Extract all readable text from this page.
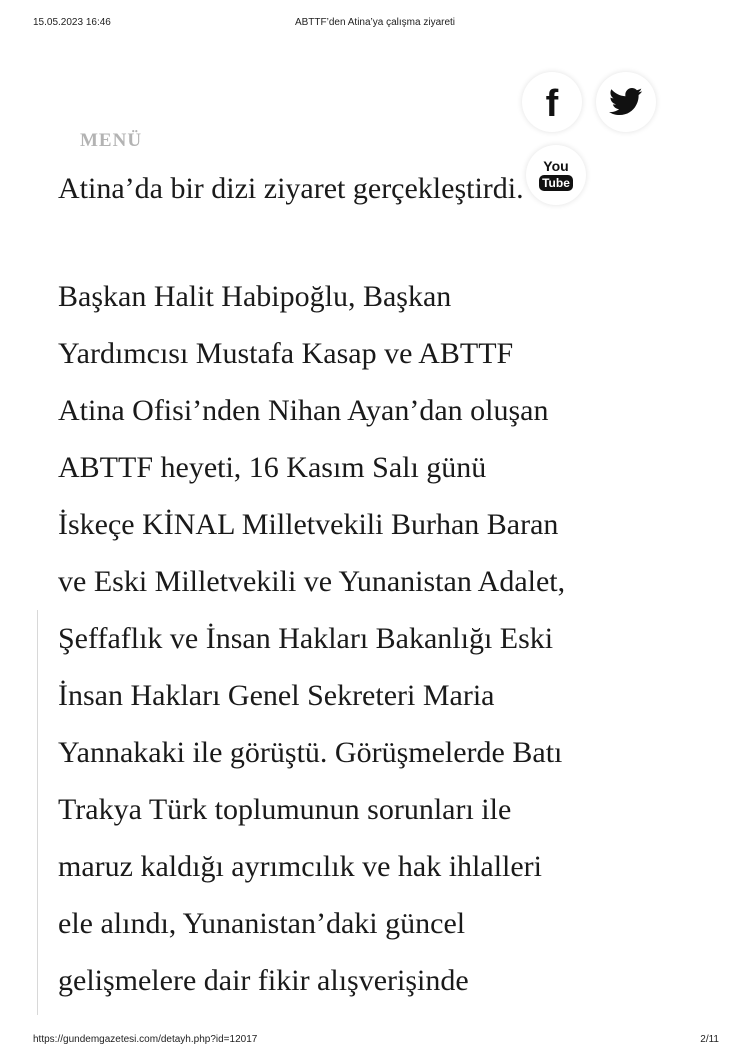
15.05.2023 16:46	ABTTF’den Atina’ya çalışma ziyareti
Atina’da bir dizi ziyaret gerçekleştirdi.

Başkan Halit Habipoğlu, Başkan
Yardımcısı Mustafa Kasap ve ABTTF
Atina Ofisi’nden Nihan Ayan’dan oluşan
ABTTF heyeti, 16 Kasım Salı günü
İskeçe KİNAL Milletvekili Burhan Baran
ve Eski Milletvekili ve Yunanistan Adalet,
Şeffaflık ve İnsan Hakları Bakanlığı Eski
İnsan Hakları Genel Sekreteri Maria
Yannakaki ile görüştü. Görüşmelerde Batı
Trakya Türk toplumunun sorunları ile
maruz kaldığı ayrımcılık ve hak ihlalleri
ele alındı, Yunanistan’daki güncel
gelişmelere dair fikir alışverişinde

MENÜ
f
You
Tube
https://gundemgazetesi.com/detayh.php?id=12017	2/11
